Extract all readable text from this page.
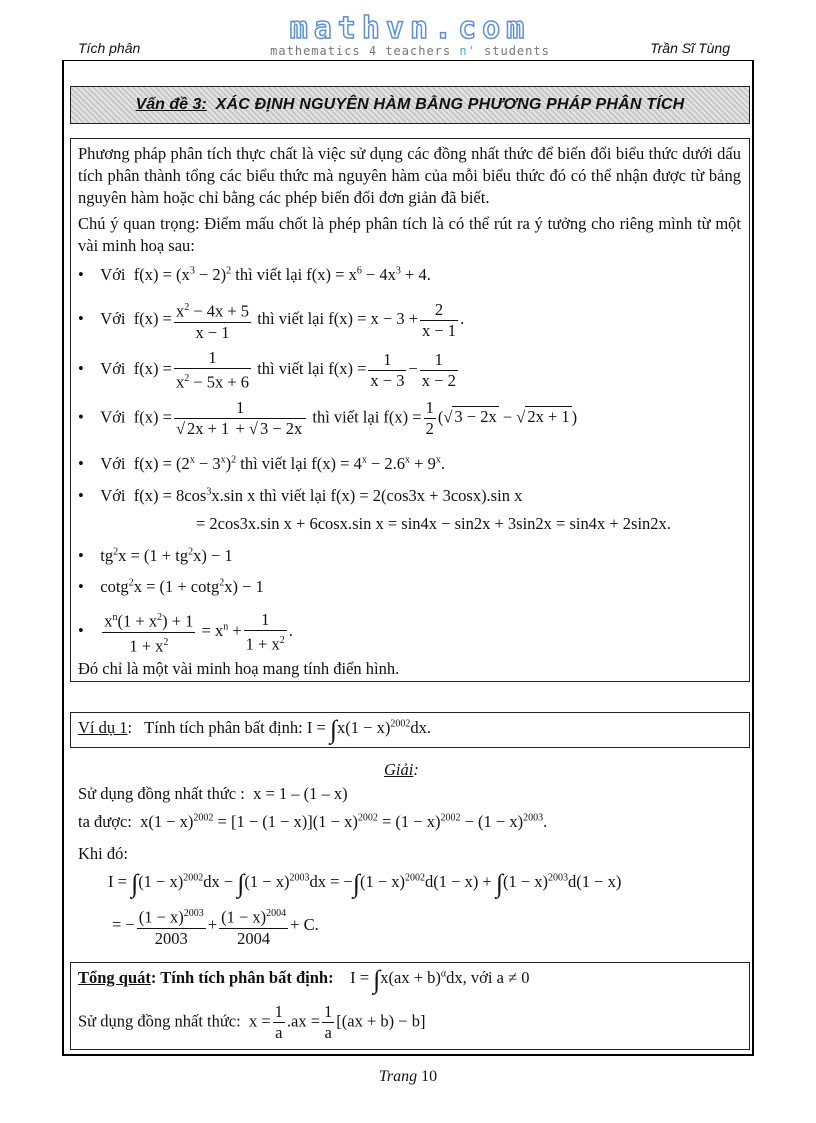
Tích phân
mathvn.com
mathematics 4 teachers n' students	Trần Sĩ Tùng
Vấn đề 3: XÁC ĐỊNH NGUYÊN HÀM BẰNG PHƯƠNG PHÁP PHÂN TÍCH
Phương pháp phân tích thực chất là việc sử dụng các đồng nhất thức để biến đổi biểu thức dưới dấu tích phân thành tổng các biểu thức mà nguyên hàm của mỗi biểu thức đó có thể nhận được từ bảng nguyên hàm hoặc chỉ bằng các phép biến đổi đơn giản đã biết.
Chú ý quan trọng: Điểm mấu chốt là phép phân tích là có thể rút ra ý tưởng cho riêng mình từ một vài minh hoạ sau:
•    Với $f(x) = (x^3 - 2)^2$ thì viết lại $f(x) = x^6 - 4x^3 + 4$.
•    Với $f(x) = \frac{x^2 - 4x + 5}{x - 1}$ thì viết lại $f(x) = x - 3 + \frac{2}{x - 1}$ .
•    Với $f(x) = \frac{1}{x^2 - 5x + 6}$ thì viết lại $f(x) = \frac{1}{x - 3} - \frac{1}{x - 2}$
•    Với $f(x) = \frac{1}{√ 2x + 1 + √ 3 - 2x}$ thì viết lại $f(x) = \frac{1}{2}$ (√ 3 − 2x − √ 2x + 1 )
•    Với $f(x) = (2^x - 3^x)^2$ thì viết lại $f(x) = 4^x - 2.6^x + 9^x$.
•    Với $f(x) = 8\cos^3x.\sin$ x thì viết lại f(x) = 2(cos3x + 3cosx).sin x
= 2cos3x.sin x + 6cosx.sin x = sin4x − sin2x + 3sin2x = sin4x + 2sin2x.
•    $tg^2x = (1 + tg^2x) - 1$
•    cotg$^2$x = (1 + cotg$^2$x) − 1
• $\frac{x^n(1 + x^2) + 1}{1 + x^2} = x^n + \frac{1}{1 + x^2}$ .
Đó chỉ là một vài minh hoạ mang tính điển hình.
Ví dụ 1:   Tính tích phân bất định: $I = \int x(1 - x)^{2002}dx$.
Giải:
Sử dụng đồng nhất thức : x = 1 – (1 – x)
ta được: $x(1 - x)^{2002} = [1 - (1 - x)](1 - x)^{2002} = (1 - x)^{2002} - (1 - x)^{2003}$.
Khi đó:
$I = \int(1 - x)^{2002}dx - \int(1 - x)^{2003}dx = -\int(1 - x)^{2002}d(1 - x) + \int(1 - x)^{2003}d(1 - x)$
= − $\frac{(1 - x)^{2003}}{2003} + \frac{(1 - x)^{2004}}{2004} + C$.
Tổng quát: Tính tích phân bất định: I = ∫x(ax + b)$^\alpha$dx, với a ≠ 0
Sử dụng đồng nhất thức: $x = \frac{1}{a} .ax = \frac{1}{a} [(ax + b) - b]$
Trang 10
